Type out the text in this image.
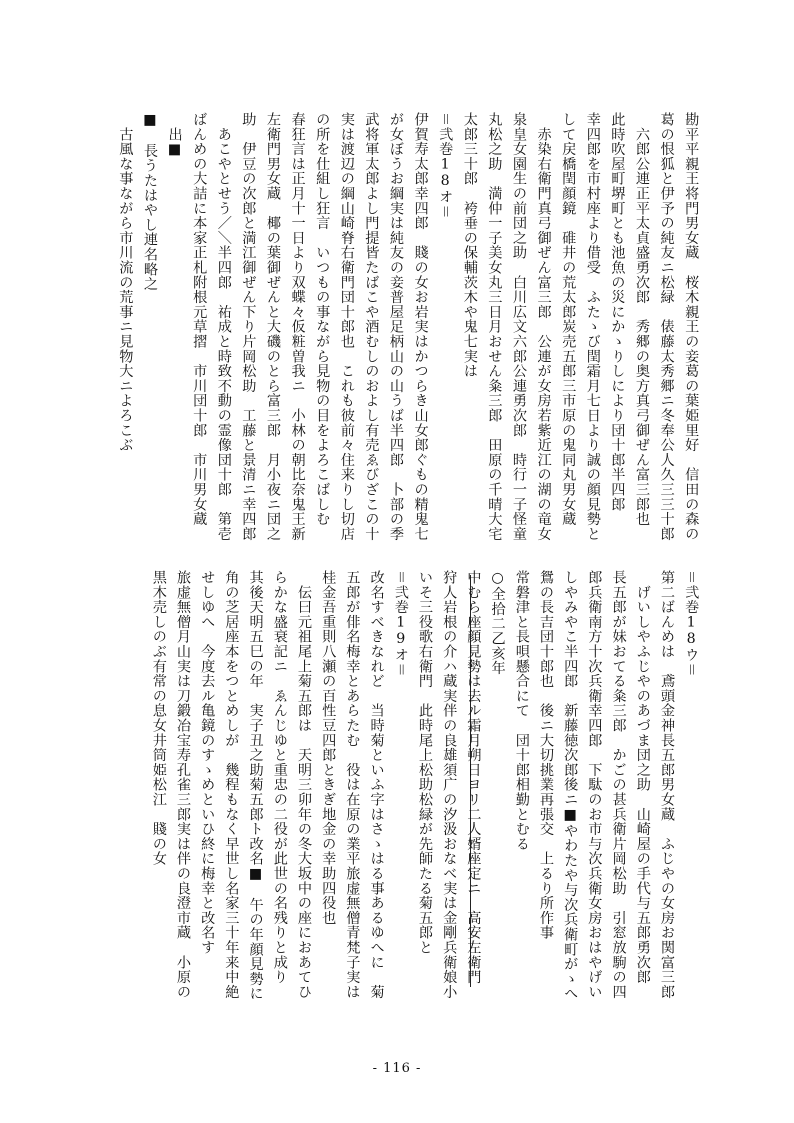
勘平平親王将門男女蔵　桜木親王の妾葛の葉姫里好　信田の森の
葛の恨狐と伊予の純友ニ松緑　俵藤太秀郷ニ冬奉公人久三三十郎
　六郎公連正平太貞盛勇次郎　秀郷の奥方真弓御ぜん富三郎也
此時吹屋町堺町とも池魚の災にかゝりしにより団十郎半四郎
幸四郎を市村座より借受　ふたゝび閏霜月七日より誠の顔見勢と
して戻橋閏顔鏡　碓井の荒太郎炭売五郎三市原の鬼同丸男女蔵
　赤染右衛門真弓御ぜん富三郎　公連が女房若紫近江の湖の竜女
泉皇女園生の前団之助　白川広文六郎公連勇次郎　時行一子怪童
丸松之助　満仲一子美女丸三日月おせん粂三郎　田原の千晴大宅
太郎三十郎　袴垂の保輔茨木や鬼七実は
＝弐巻18オ＝
伊賀寿太郎幸四郎　賤の女お岩実はかつらき山女郎ぐもの精鬼七
が女ぼうお綱実は純友の妾普屋足柄山の山うば半四郎　卜部の季
武将軍太郎よし門提皆たばこや酒むしのおよし有売ゑびざこの十
実は渡辺の綱山崎脊右衛門団十郎也　これも彼前々住来りし切店
の所を仕組し狂言　いつもの事ながら見物の目をよろこばしむ
春狂言は正月十一日より双蝶々仮粧曽我ニ　小林の朝比奈鬼王新
左衛門男女蔵　椰の葉御ぜんと大磯のとら富三郎　月小夜ニ団之
助　伊豆の次郎と満江御ぜん下り片岡松助　工藤と景清ニ幸四郎
　あこやとせう／＼半四郎　祐成と時致不動の霊像団十郎　第壱
ばんめの大詰に本家正札附根元草摺　市川団十郎　市川男女蔵
　出■
■　長うたはやし連名略之
　古風な事ながら市川流の荒事ニ見物大ニよろこぶ
＝弐巻18ウ＝
第二ばんめは　鳶頭金神長五郎男女蔵　ふじやの女房お関富三郎
　げいしやふじやのあづま団之助　山崎屋の手代与五郎勇次郎
長五郎が妹おてる粂三郎　かごの甚兵衛片岡松助　引窓放駒の四
郎兵衛南方十次兵衛幸四郎　下駄のお市与次兵衛女房おはやげい
しやみやこ半四郎　新藤徳次郎後ニ■やわたや与次兵衛町がゝへ
鴛の長吉団十郎也　後ニ大切挑業再張交　上るり所作事
常磐津と長唄懸合にて　団十郎相勤とむる
○全拾二乙亥年
中むら座顔見勢は去ル霜月朔日ヨリ二人婿座定ニ　高安左衛門
狩人岩根の介ハ蔵実伴の良雄須广の汐汲おなべ実は金剛兵衛娘小
いそ三役歌右衛門　此時尾上松助松緑が先師たる菊五郎と
＝弐巻19オ＝
改名すべきなれど　当時菊といふ字はさゝはる事あるゆへに　菊
五郎が俳名梅幸とあらたむ　役は在原の業平旅虚無僧青梵子実は
桂金吾重則八瀬の百性豆四郎ときぎ地金の幸助四役也
　伝曰元祖尾上菊五郎は　天明三卯年の冬大坂中の座におあてひ
らかな盛衰記ニ　ゑんじゆと重忠の二役が此世の名残りと成り
其後天明五巳の年　実子丑之助菊五郎ト改名■　午の年顔見勢に
角の芝居座本をつとめしが　幾程もなく早世し名家三十年来中絶
せしゆへ　今度去ル亀鏡のすゝめといひ終に梅幸と改名す
旅虚無僧月山実は刀鍛冶宝寿孔雀三郎実は伴の良澄市蔵　小原の
黒木売しのぶ有常の息女井筒姫松江　賤の女
- 116 -
